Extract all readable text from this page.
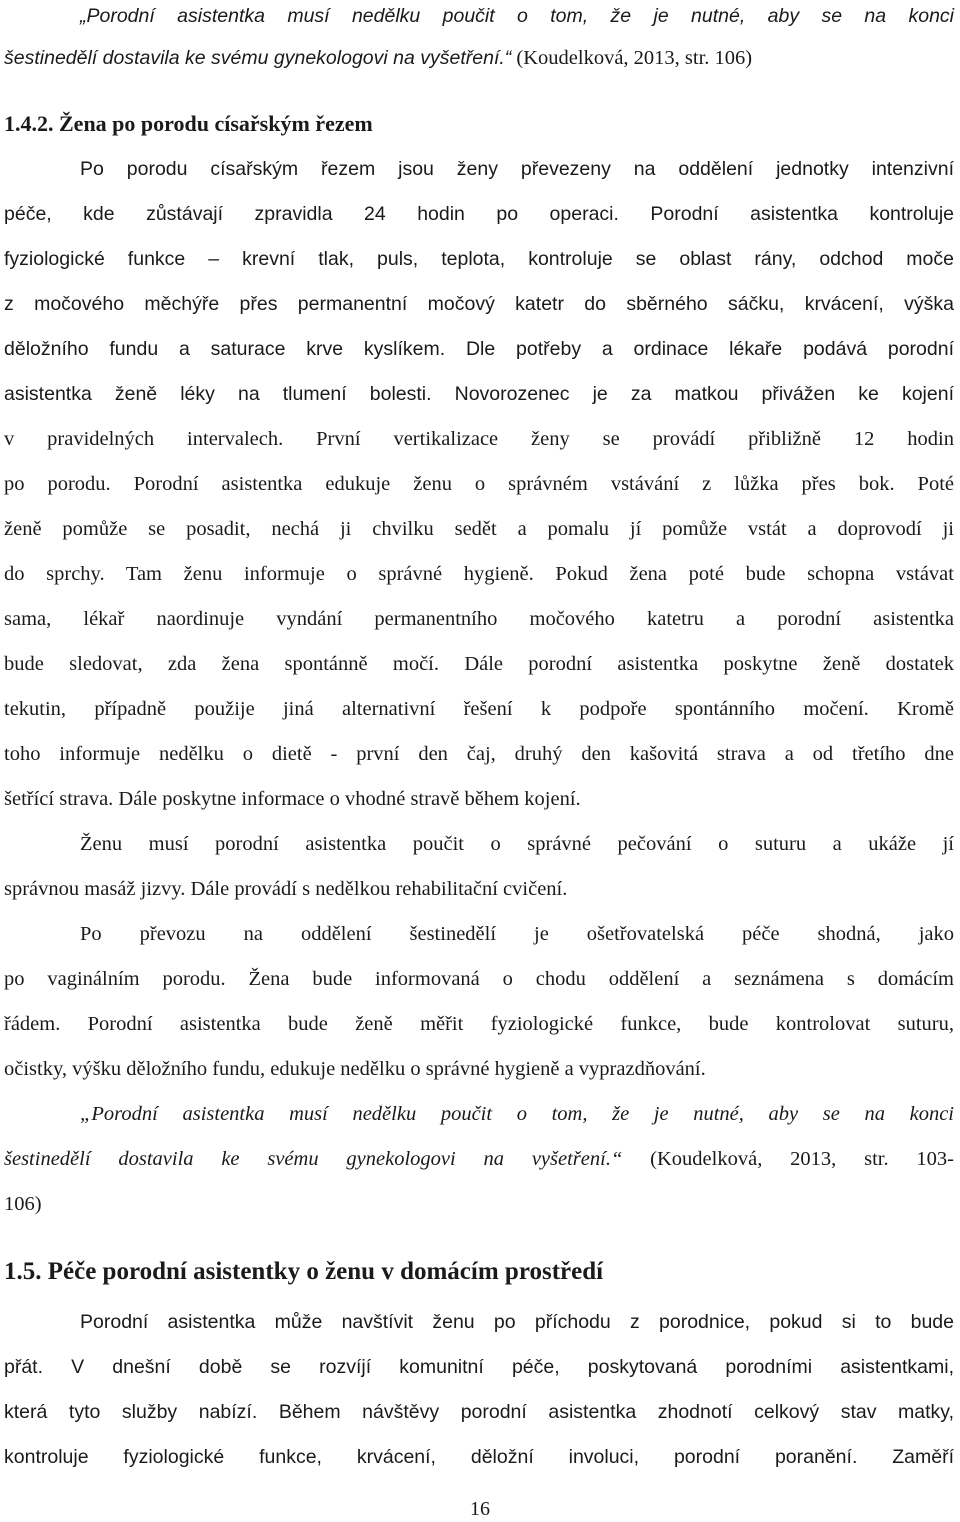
„Porodní asistentka musí nedělku poučit o tom, že je nutné, aby se na konci
šestinedělí dostavila ke svému gynekologovi na vyšetření.“ (Koudelková, 2013, str. 106)
1.4.2. Žena po porodu císařským řezem
Po porodu císařským řezem jsou ženy převezeny na oddělení jednotky intenzivní
péče, kde zůstávají zpravidla 24 hodin po operaci. Porodní asistentka kontroluje
fyziologické funkce – krevní tlak, puls, teplota, kontroluje se oblast rány, odchod moče
z močového měchýře přes permanentní močový katetr do sběrného sáčku, krvácení, výška
děložního fundu a saturace krve kyslíkem. Dle potřeby a ordinace lékaře podává porodní
asistentka ženě léky na tlumení bolesti. Novorozenec je za matkou přivážen ke kojení
v pravidelných intervalech. První vertikalizace ženy se provádí přibližně 12 hodin
po porodu. Porodní asistentka edukuje ženu o správném vstávání z lůžka přes bok. Poté
ženě pomůže se posadit, nechá ji chvilku sedět a pomalu jí pomůže vstát a doprovodí ji
do sprchy. Tam ženu informuje o správné hygieně. Pokud žena poté bude schopna vstávat
sama, lékař naordinuje vyndání permanentního močového katetru a porodní asistentka
bude sledovat, zda žena spontánně močí. Dále porodní asistentka poskytne ženě dostatek
tekutin, případně použije jiná alternativní řešení k podpoře spontánního močení. Kromě
toho informuje nedělku o dietě - první den čaj, druhý den kašovitá strava a od třetího dne
šetřící strava. Dále poskytne informace o vhodné stravě během kojení.
Ženu musí porodní asistentka poučit o správné pečování o suturu a ukáže jí
správnou masáž jizvy. Dále provádí s nedělkou rehabilitační cvičení.
Po převozu na oddělení šestinedělí je ošetřovatelská péče shodná, jako
po vaginálním porodu. Žena bude informovaná o chodu oddělení a seznámena s domácím
řádem. Porodní asistentka bude ženě měřit fyziologické funkce, bude kontrolovat suturu,
očistky, výšku děložního fundu, edukuje nedělku o správné hygieně a vyprazdňování.
„Porodní asistentka musí nedělku poučit o tom, že je nutné, aby se na konci
šestinedělí dostavila ke svému gynekologovi na vyšetření.“ (Koudelková, 2013, str. 103-
106)
1.5. Péče porodní asistentky o ženu v domácím prostředí
Porodní asistentka může navštívit ženu po příchodu z porodnice, pokud si to bude
přát. V dnešní době se rozvíjí komunitní péče, poskytovaná porodními asistentkami,
která tyto služby nabízí. Během návštěvy porodní asistentka zhodnotí celkový stav matky,
kontroluje fyziologické funkce, krvácení, děložní involuci, porodní poranění. Zaměří
16
